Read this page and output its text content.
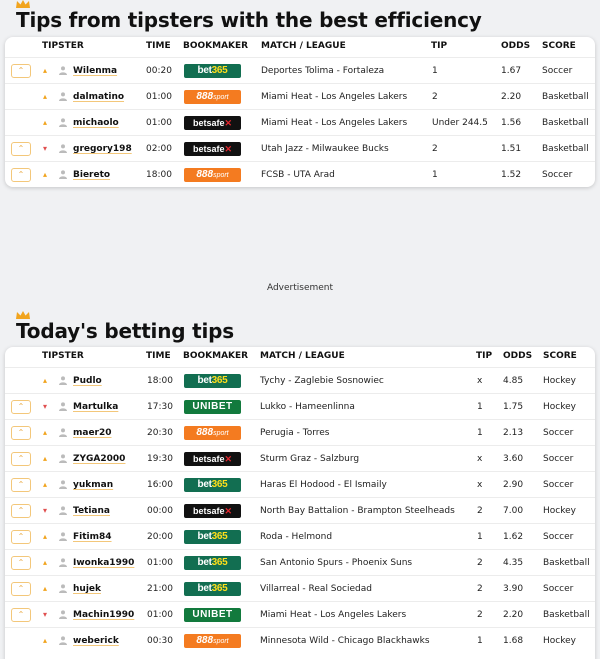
Tips from tipsters with the best efficiency
TIPSTER	TIME BOOKMAKER MATCH / LEAGUE	TIP	ODDS SCORE
⌃	▴	Wilenma	00:20	bet365	Deportes Tolima - Fortaleza	1	1.67 Soccer
▴	dalmatino 01:00	888sport	Miami Heat - Los Angeles Lakers	2	2.20 Basketball
▴	michaolo	01:00	betsafe✕	Miami Heat - Los Angeles Lakers	Under 244.5 1.56 Basketball
⌃	▾	gregory198 02:00	betsafe✕	Utah Jazz - Milwaukee Bucks	2	1.51 Basketball
⌃	▴	Biereto	18:00	888sport	FCSB - UTA Arad	1	1.52 Soccer
Advertisement
Today's betting tips
TIPSTER	TIME BOOKMAKER MATCH / LEAGUE	TIP ODDS SCORE
▴	Pudlo	18:00	bet365	Tychy - Zaglebie Sosnowiec	x 4.85 Hockey
⌃	▾	Martulka	17:30	UNIBET	Lukko - Hameenlinna	1 1.75 Hockey
⌃	▴	maer20	20:30	888sport	Perugia - Torres	1 2.13 Soccer
⌃	▴	ZYGA2000 19:30	betsafe✕	Sturm Graz - Salzburg	x 3.60 Soccer
⌃	▴	yukman	16:00	bet365	Haras El Hodood - El Ismaily	x 2.90 Soccer
⌃	▾	Tetiana	00:00	betsafe✕	North Bay Battalion - Brampton Steelheads 2 7.00 Hockey
⌃	▴	Fitim84	20:00	bet365	Roda - Helmond	1 1.62 Soccer
⌃	▴	Iwonka1990 01:00	bet365	San Antonio Spurs - Phoenix Suns	2 4.35 Basketball
⌃	▴	hujek	21:00	bet365	Villarreal - Real Sociedad	2 3.90 Soccer
⌃	▾	Machin1990 01:00	UNIBET	Miami Heat - Los Angeles Lakers	2 2.20 Basketball
▴	weberick	00:30	888sport	Minnesota Wild - Chicago Blackhawks	1 1.68 Hockey
